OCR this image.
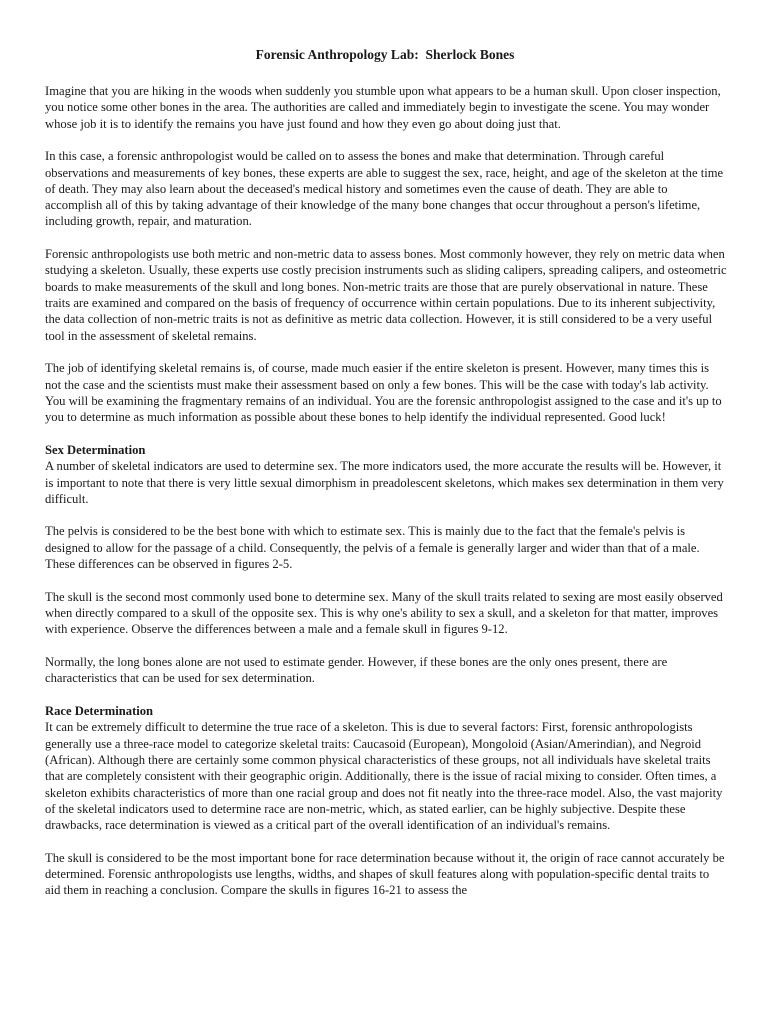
Forensic Anthropology Lab:  Sherlock Bones

Imagine that you are hiking in the woods when suddenly you stumble upon what appears to be a human skull. Upon closer inspection, you notice some other bones in the area. The authorities are called and immediately begin to investigate the scene. You may wonder whose job it is to identify the remains you have just found and how they even go about doing just that.

In this case, a forensic anthropologist would be called on to assess the bones and make that determination. Through careful observations and measurements of key bones, these experts are able to suggest the sex, race, height, and age of the skeleton at the time of death. They may also learn about the deceased's medical history and sometimes even the cause of death. They are able to accomplish all of this by taking advantage of their knowledge of the many bone changes that occur throughout a person's lifetime, including growth, repair, and maturation.

Forensic anthropologists use both metric and non-metric data to assess bones. Most commonly however, they rely on metric data when studying a skeleton. Usually, these experts use costly precision instruments such as sliding calipers, spreading calipers, and osteometric boards to make measurements of the skull and long bones. Non-metric traits are those that are purely observational in nature. These traits are examined and compared on the basis of frequency of occurrence within certain populations. Due to its inherent subjectivity, the data collection of non-metric traits is not as definitive as metric data collection. However, it is still considered to be a very useful tool in the assessment of skeletal remains.

The job of identifying skeletal remains is, of course, made much easier if the entire skeleton is present. However, many times this is not the case and the scientists must make their assessment based on only a few bones. This will be the case with today's lab activity. You will be examining the fragmentary remains of an individual. You are the forensic anthropologist assigned to the case and it's up to you to determine as much information as possible about these bones to help identify the individual represented. Good luck!

Sex Determination
A number of skeletal indicators are used to determine sex. The more indicators used, the more accurate the results will be. However, it is important to note that there is very little sexual dimorphism in preadolescent skeletons, which makes sex determination in them very difficult.

The pelvis is considered to be the best bone with which to estimate sex. This is mainly due to the fact that the female's pelvis is designed to allow for the passage of a child. Consequently, the pelvis of a female is generally larger and wider than that of a male. These differences can be observed in figures 2-5.

The skull is the second most commonly used bone to determine sex. Many of the skull traits related to sexing are most easily observed when directly compared to a skull of the opposite sex. This is why one's ability to sex a skull, and a skeleton for that matter, improves with experience. Observe the differences between a male and a female skull in figures 9-12.

Normally, the long bones alone are not used to estimate gender. However, if these bones are the only ones present, there are characteristics that can be used for sex determination.

Race Determination
It can be extremely difficult to determine the true race of a skeleton. This is due to several factors: First, forensic anthropologists generally use a three-race model to categorize skeletal traits: Caucasoid (European), Mongoloid (Asian/Amerindian), and Negroid (African). Although there are certainly some common physical characteristics of these groups, not all individuals have skeletal traits that are completely consistent with their geographic origin. Additionally, there is the issue of racial mixing to consider. Often times, a skeleton exhibits characteristics of more than one racial group and does not fit neatly into the three-race model. Also, the vast majority of the skeletal indicators used to determine race are non-metric, which, as stated earlier, can be highly subjective. Despite these drawbacks, race determination is viewed as a critical part of the overall identification of an individual's remains.

The skull is considered to be the most important bone for race determination because without it, the origin of race cannot accurately be determined. Forensic anthropologists use lengths, widths, and shapes of skull features along with population-specific dental traits to aid them in reaching a conclusion. Compare the skulls in figures 16-21 to assess the
